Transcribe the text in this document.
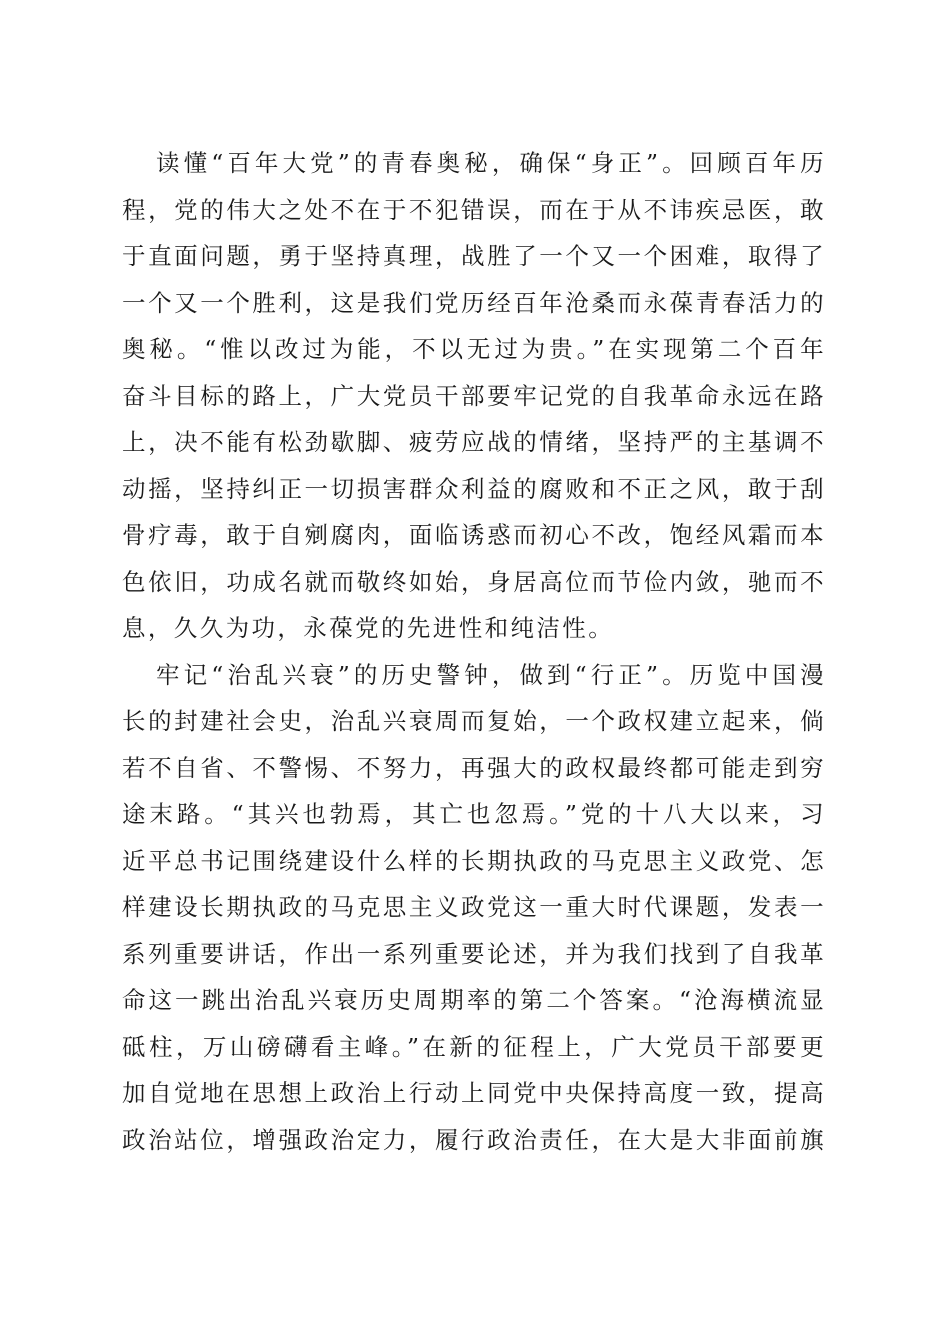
读懂“百年大党”的青春奥秘，确保“身正”。回顾百年历
程，党的伟大之处不在于不犯错误，而在于从不讳疾忌医，敢
于直面问题，勇于坚持真理，战胜了一个又一个困难，取得了
一个又一个胜利，这是我们党历经百年沧桑而永葆青春活力的
奥秘。“惟以改过为能，不以无过为贵。”在实现第二个百年
奋斗目标的路上，广大党员干部要牢记党的自我革命永远在路
上，决不能有松劲歇脚、疲劳应战的情绪，坚持严的主基调不
动摇，坚持纠正一切损害群众利益的腐败和不正之风，敢于刮
骨疗毒，敢于自剜腐肉，面临诱惑而初心不改，饱经风霜而本
色依旧，功成名就而敬终如始，身居高位而节俭内敛，驰而不
息，久久为功，永葆党的先进性和纯洁性。
牢记“治乱兴衰”的历史警钟，做到“行正”。历览中国漫
长的封建社会史，治乱兴衰周而复始，一个政权建立起来，倘
若不自省、不警惕、不努力，再强大的政权最终都可能走到穷
途末路。“其兴也勃焉，其亡也忽焉。”党的十八大以来，习
近平总书记围绕建设什么样的长期执政的马克思主义政党、怎
样建设长期执政的马克思主义政党这一重大时代课题，发表一
系列重要讲话，作出一系列重要论述，并为我们找到了自我革
命这一跳出治乱兴衰历史周期率的第二个答案。“沧海横流显
砥柱，万山磅礴看主峰。”在新的征程上，广大党员干部要更
加自觉地在思想上政治上行动上同党中央保持高度一致，提高
政治站位，增强政治定力，履行政治责任，在大是大非面前旗
